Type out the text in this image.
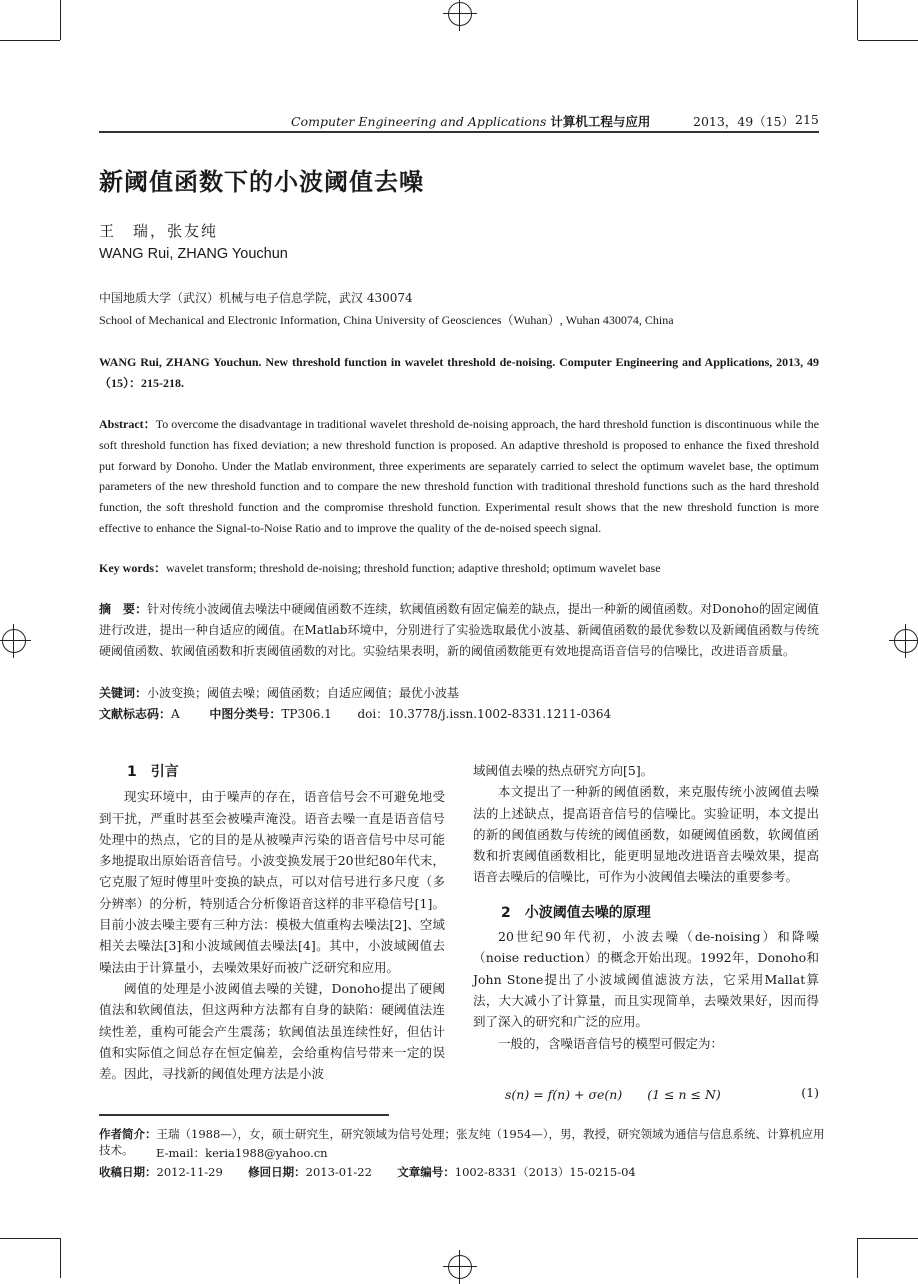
Computer Engineering and Applications 计算机工程与应用	2013，49（15） 215
新阈值函数下的小波阈值去噪
王　瑞，张友纯
WANG Rui, ZHANG Youchun
中国地质大学（武汉）机械与电子信息学院，武汉 430074
School of Mechanical and Electronic Information, China University of Geosciences（Wuhan）, Wuhan 430074, China
WANG Rui, ZHANG Youchun. New threshold function in wavelet threshold de-noising. Computer Engineering and Applications, 2013, 49（15）：215-218.
Abstract：To overcome the disadvantage in traditional wavelet threshold de-noising approach, the hard threshold function is discontinuous while the soft threshold function has fixed deviation; a new threshold function is proposed. An adaptive threshold is proposed to enhance the fixed threshold put forward by Donoho. Under the Matlab environment, three experiments are separately carried to select the optimum wavelet base, the optimum parameters of the new threshold function and to compare the new threshold function with traditional threshold functions such as the hard threshold function, the soft threshold function and the compromise threshold function. Experimental result shows that the new threshold function is more effective to enhance the Signal-to-Noise Ratio and to improve the quality of the de-noised speech signal.
Key words：wavelet transform; threshold de-noising; threshold function; adaptive threshold; optimum wavelet base
摘　要：针对传统小波阈值去噪法中硬阈值函数不连续，软阈值函数有固定偏差的缺点，提出一种新的阈值函数。对Donoho的固定阈值进行改进，提出一种自适应的阈值。在Matlab环境中，分别进行了实验选取最优小波基、新阈值函数的最优参数以及新阈值函数与传统硬阈值函数、软阈值函数和折衷阈值函数的对比。实验结果表明，新的阈值函数能更有效地提高语音信号的信噪比，改进语音质量。
关键词：小波变换；阈值去噪；阈值函数；自适应阈值；最优小波基
文献标志码：A 中图分类号：TP306.1 doi：10.3778/j.issn.1002-8331.1211-0364

1　引言

现实环境中，由于噪声的存在，语音信号会不可避免地受到干扰，严重时甚至会被噪声淹没。语音去噪一直是语音信号处理中的热点，它的目的是从被噪声污染的语音信号中尽可能多地提取出原始语音信号。小波变换发展于20世纪80年代末，它克服了短时傅里叶变换的缺点，可以对信号进行多尺度（多分辨率）的分析，特别适合分析像语音这样的非平稳信号[1]。目前小波去噪主要有三种方法：模极大值重构去噪法[2]、空域相关去噪法[3]和小波域阈值去噪法[4]。其中，小波域阈值去噪法由于计算量小，去噪效果好而被广泛研究和应用。

阈值的处理是小波阈值去噪的关键，Donoho提出了硬阈值法和软阈值法，但这两种方法都有自身的缺陷：硬阈值法连续性差，重构可能会产生震荡；软阈值法虽连续性好，但估计值和实际值之间总存在恒定偏差，会给重构信号带来一定的误差。因此，寻找新的阈值处理方法是小波

域阈值去噪的热点研究方向[5]。

本文提出了一种新的阈值函数，来克服传统小波阈值去噪法的上述缺点，提高语音信号的信噪比。实验证明，本文提出的新的阈值函数与传统的阈值函数，如硬阈值函数，软阈值函数和折衷阈值函数相比，能更明显地改进语音去噪效果，提高语音去噪后的信噪比，可作为小波阈值去噪法的重要参考。

2　小波阈值去噪的原理

20世纪90年代初，小波去噪（de-noising）和降噪（noise reduction）的概念开始出现。1992年，Donoho和John Stone提出了小波域阈值滤波方法，它采用Mallat算法，大大减小了计算量，而且实现简单，去噪效果好，因而得到了深入的研究和广泛的应用。

一般的，含噪语音信号的模型可假定为：

s(n) = f(n) + σe(n)　　(1 ≤ n ≤ N)	(1)
作者简介：王瑞（1988—），女，硕士研究生，研究领域为信号处理；张友纯（1954—），男，教授，研究领域为通信与信息系统、计算机应用技术。	E-mail：keria1988@yahoo.cn
收稿日期：2012-11-29 修回日期：2013-01-22 文章编号：1002-8331（2013）15-0215-04
